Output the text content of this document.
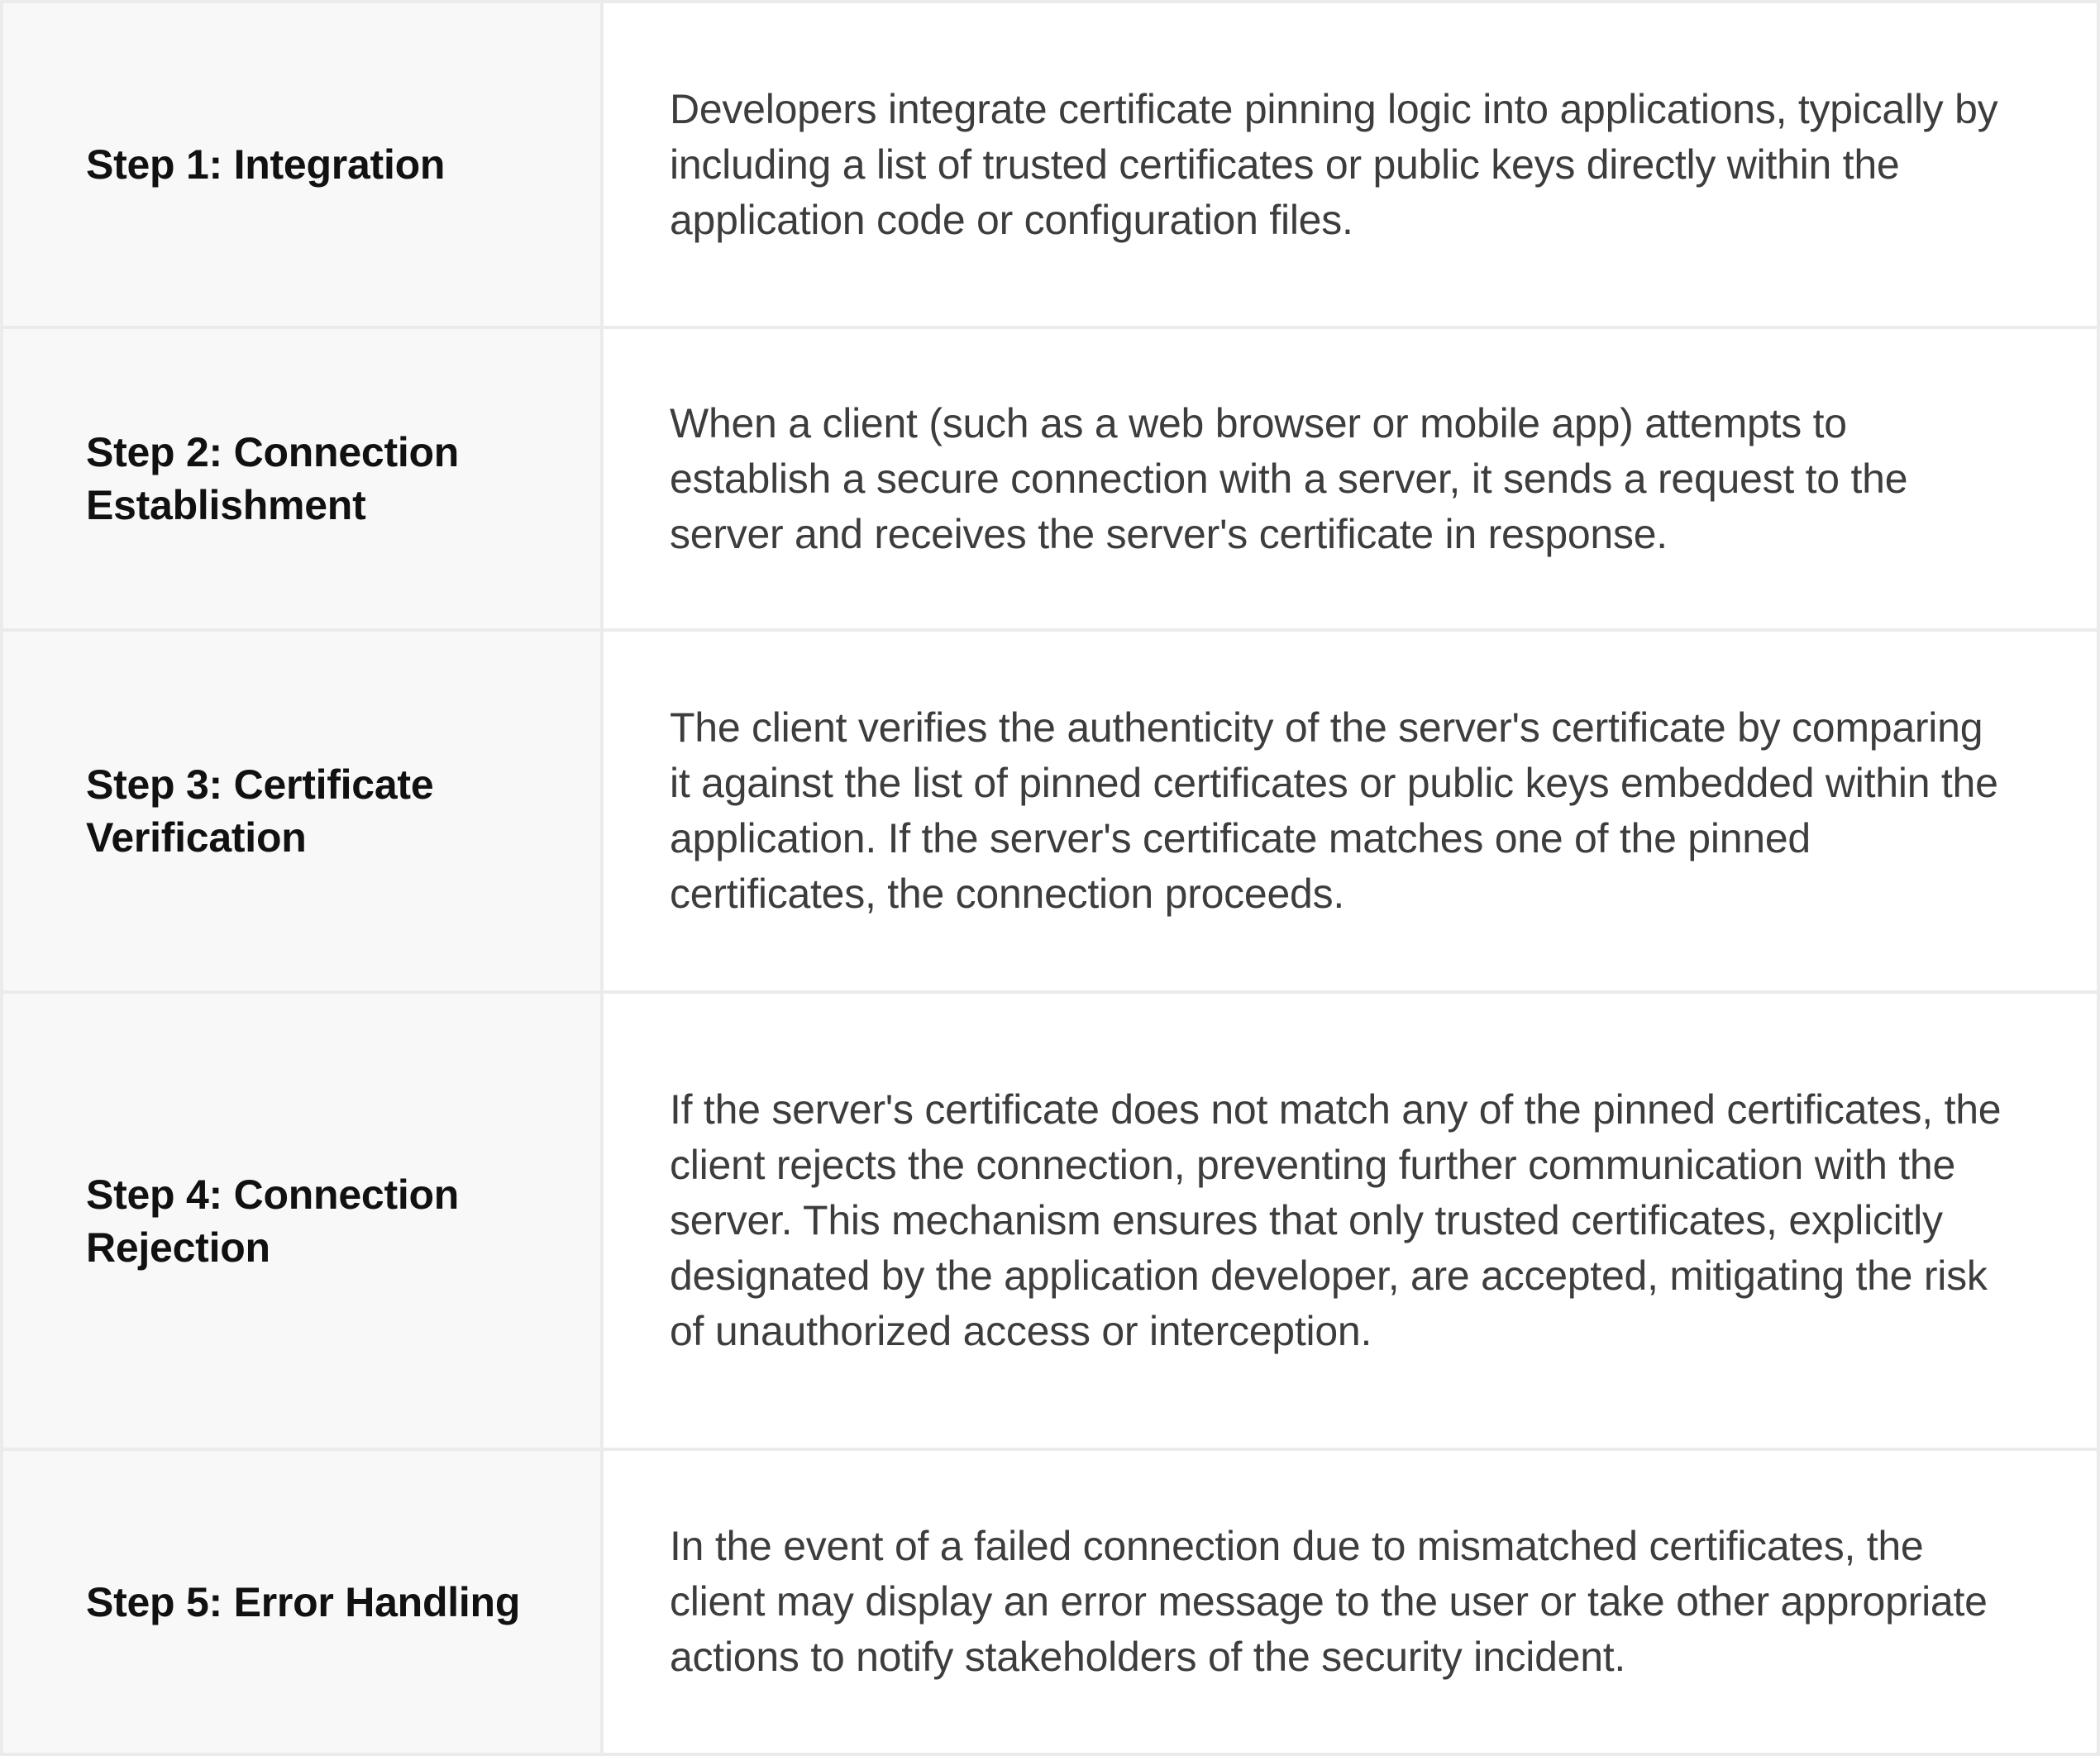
Step 1: Integration
Developers integrate certificate pinning logic into applications, typically by including a list of trusted certificates or public keys directly within the application code or configuration files.
Step 2: Connection Establishment
When a client (such as a web browser or mobile app) attempts to establish a secure connection with a server, it sends a request to the server and receives the server's certificate in response.
Step 3: Certificate Verification
The client verifies the authenticity of the server's certificate by comparing it against the list of pinned certificates or public keys embedded within the application. If the server's certificate matches one of the pinned certificates, the connection proceeds.
Step 4: Connection Rejection
If the server's certificate does not match any of the pinned certificates, the client rejects the connection, preventing further communication with the server. This mechanism ensures that only trusted certificates, explicitly designated by the application developer, are accepted, mitigating the risk of unauthorized access or interception.
Step 5: Error Handling
In the event of a failed connection due to mismatched certificates, the client may display an error message to the user or take other appropriate actions to notify stakeholders of the security incident.
